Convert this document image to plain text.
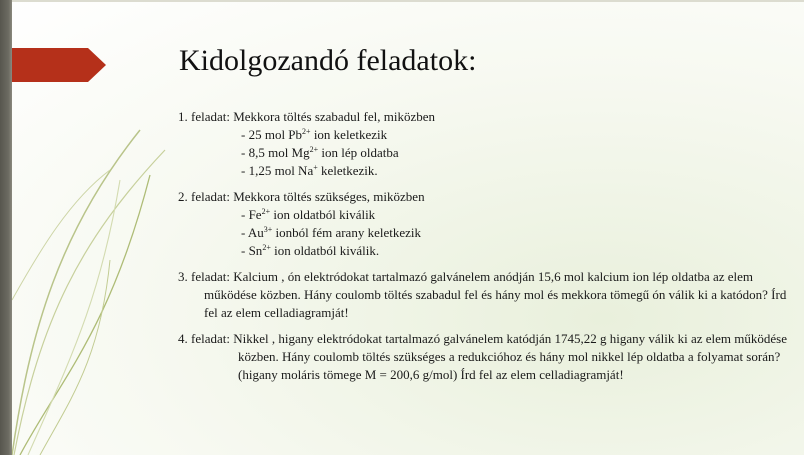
Kidolgozandó feladatok:
1. feladat: Mekkora töltés szabadul fel, miközben
- 25 mol $Pb^{2+}$ ion keletkezik
- 8,5 mol $Mg^{2+}$ ion lép oldatba
- 1,25 mol Na+ keletkezik.
2. feladat: Mekkora töltés szükséges, miközben
- $Fe^{2+}$ ion oldatból kiválik
- $Au^{3+}$ ionból fém arany keletkezik
- $Sn^{2+}$ ion oldatból kiválik.
3. feladat: Kalcium , ón elektródokat tartalmazó galvánelem anódján 15,6 mol kalcium ion lép oldatba az elem működése közben. Hány coulomb töltés szabadul fel és hány mol és mekkora tömegű ón válik ki a katódon? Írd fel az elem celladiagramját!
4. feladat: Nikkel , higany elektródokat tartalmazó galvánelem katódján 1745,22 g higany válik ki az elem működése közben. Hány coulomb töltés szükséges a redukcióhoz és hány mol nikkel lép oldatba a folyamat során? (higany moláris tömege M = 200,6 g/mol) Írd fel az elem celladiagramját!
